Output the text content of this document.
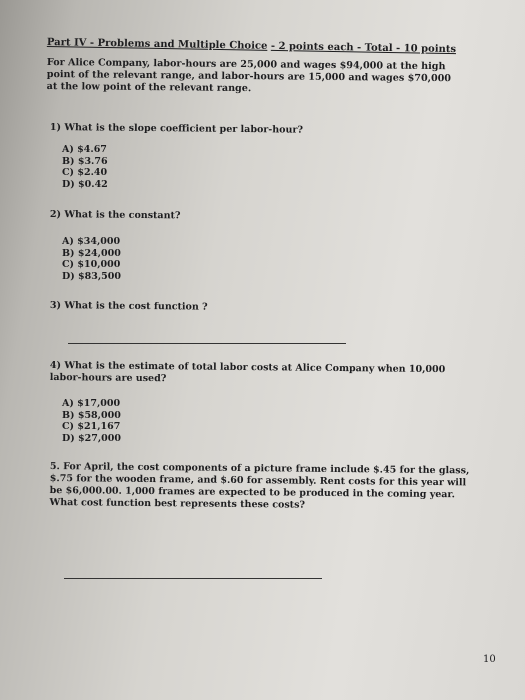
Part IV - Problems and Multiple Choice - 2 points each - Total - 10 points
For Alice Company, labor-hours are 25,000 and wages $94,000 at the high point of the relevant range, and labor-hours are 15,000 and wages $70,000 at the low point of the relevant range.
1) What is the slope coefficient per labor-hour?
A) $4.67
B) $3.76
C) $2.40
D) $0.42
2) What is the constant?
A) $34,000
B) $24,000
C) $10,000
D) $83,500
3) What is the cost function ?
4) What is the estimate of total labor costs at Alice Company when 10,000 labor-hours are used?
A) $17,000
B) $58,000
C) $21,167
D) $27,000
5. For April, the cost components of a picture frame include $.45 for the glass, $.75 for the wooden frame, and $.60 for assembly. Rent costs for this year will be $6,000.00. 1,000 frames are expected to be produced in the coming year. What cost function best represents these costs?
10
